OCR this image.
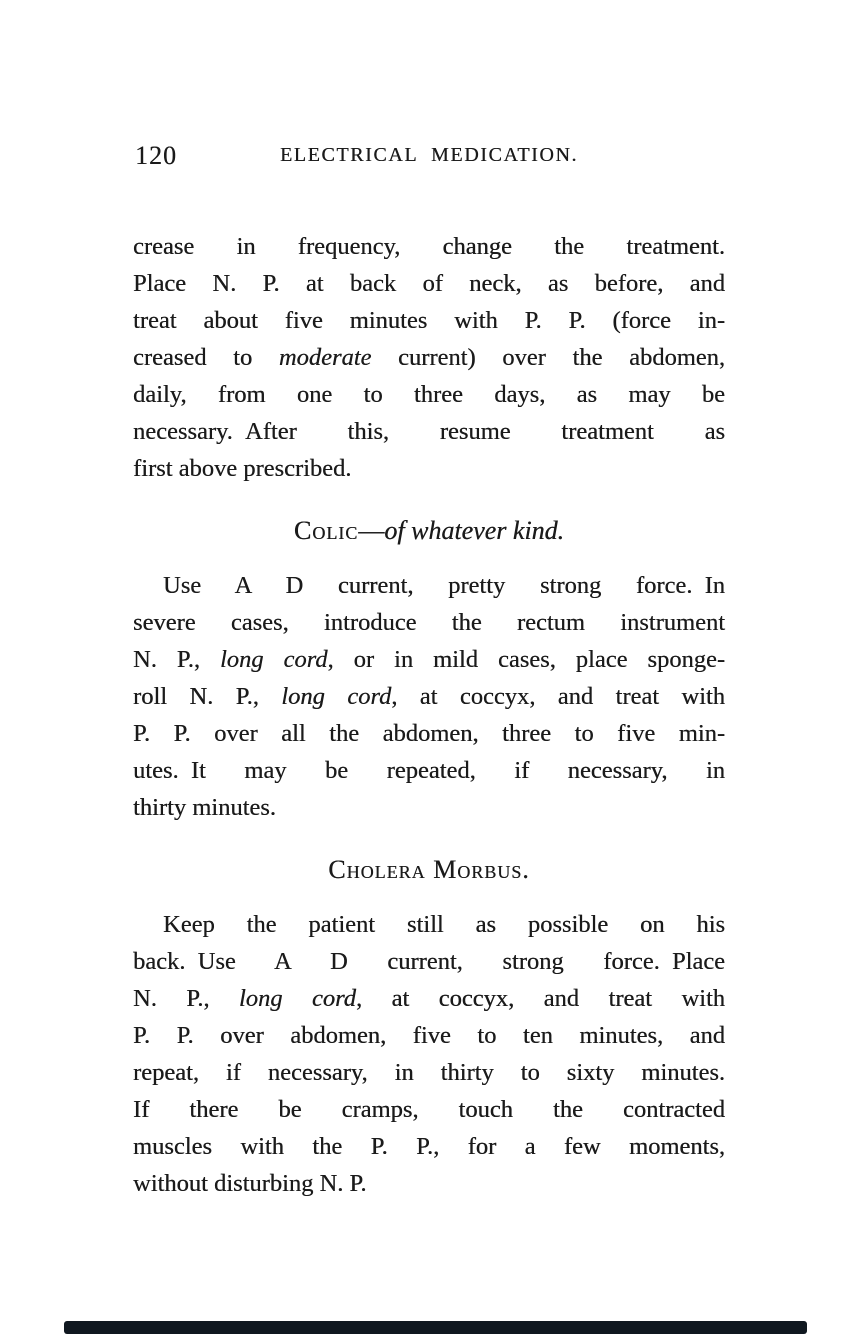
120	ELECTRICAL MEDICATION.
crease in frequency, change the treatment.
Place N. P. at back of neck, as before, and
treat about five minutes with P. P. (force in-
creased to moderate current) over the abdomen,
daily, from one to three days, as may be
necessary. After this, resume treatment as
first above prescribed.
Colic—of whatever kind.
Use A D current, pretty strong force. In
severe cases, introduce the rectum instrument
N. P., long cord, or in mild cases, place sponge-
roll N. P., long cord, at coccyx, and treat with
P. P. over all the abdomen, three to five min-
utes. It may be repeated, if necessary, in
thirty minutes.
Cholera Morbus.
Keep the patient still as possible on his
back. Use A D current, strong force. Place
N. P., long cord, at coccyx, and treat with
P. P. over abdomen, five to ten minutes, and
repeat, if necessary, in thirty to sixty minutes.
If there be cramps, touch the contracted
muscles with the P. P., for a few moments,
without disturbing N. P.
